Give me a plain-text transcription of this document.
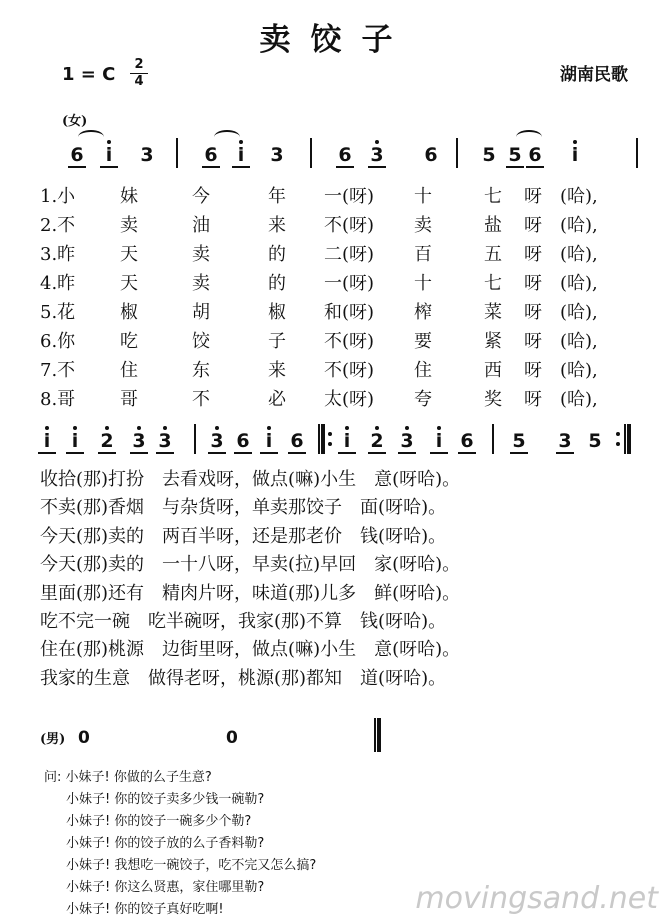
卖饺子
湖南民歌
1 = C	2
4
(女)
6	i	3	6	i	3	6 3 6 5 5 6	i
1.小 妹	今	年 一(呀) 十	七 呀 (哈),
2.不 卖	油	来 不(呀) 卖	盐 呀 (哈),
3.昨 天	卖	的 二(呀) 百	五 呀 (哈),
4.昨 天	卖	的 一(呀) 十	七 呀 (哈),
5.花 椒	胡	椒 和(呀) 榨	菜 呀 (哈),
6.你 吃	饺	子 不(呀) 要	紧 呀 (哈),
7.不 住	东	来 不(呀) 住	西 呀 (哈),
8.哥 哥	不	必 太(呀) 夸	奖 呀 (哈),
i	i	2 3 3 3 6 i 6	i	2 3	i 6 5 3 5
收拾(那)打扮　去看戏呀，做点(嘛)小生　意(呀哈)。
不卖(那)香烟　与杂货呀，单卖那饺子　面(呀哈)。
今天(那)卖的　两百半呀，还是那老价　钱(呀哈)。
今天(那)卖的　一十八呀，早卖(拉)早回　家(呀哈)。
里面(那)还有　精肉片呀，味道(那)儿多　鲜(呀哈)。
吃不完一碗　吃半碗呀，我家(那)不算　钱(呀哈)。
住在(那)桃源　边街里呀，做点(嘛)小生　意(呀哈)。
我家的生意　做得老呀，桃源(那)都知　道(呀哈)。
(男) 0	0
问: 小妹子! 你做的么子生意?
小妹子! 你的饺子卖多少钱一碗勒?
小妹子! 你的饺子一碗多少个勒?
小妹子! 你的饺子放的么子香料勒?
小妹子! 我想吃一碗饺子，吃不完又怎么搞?
小妹子! 你这么贤惠，家住哪里勒?
小妹子! 你的饺子真好吃啊!	movingsand.net
